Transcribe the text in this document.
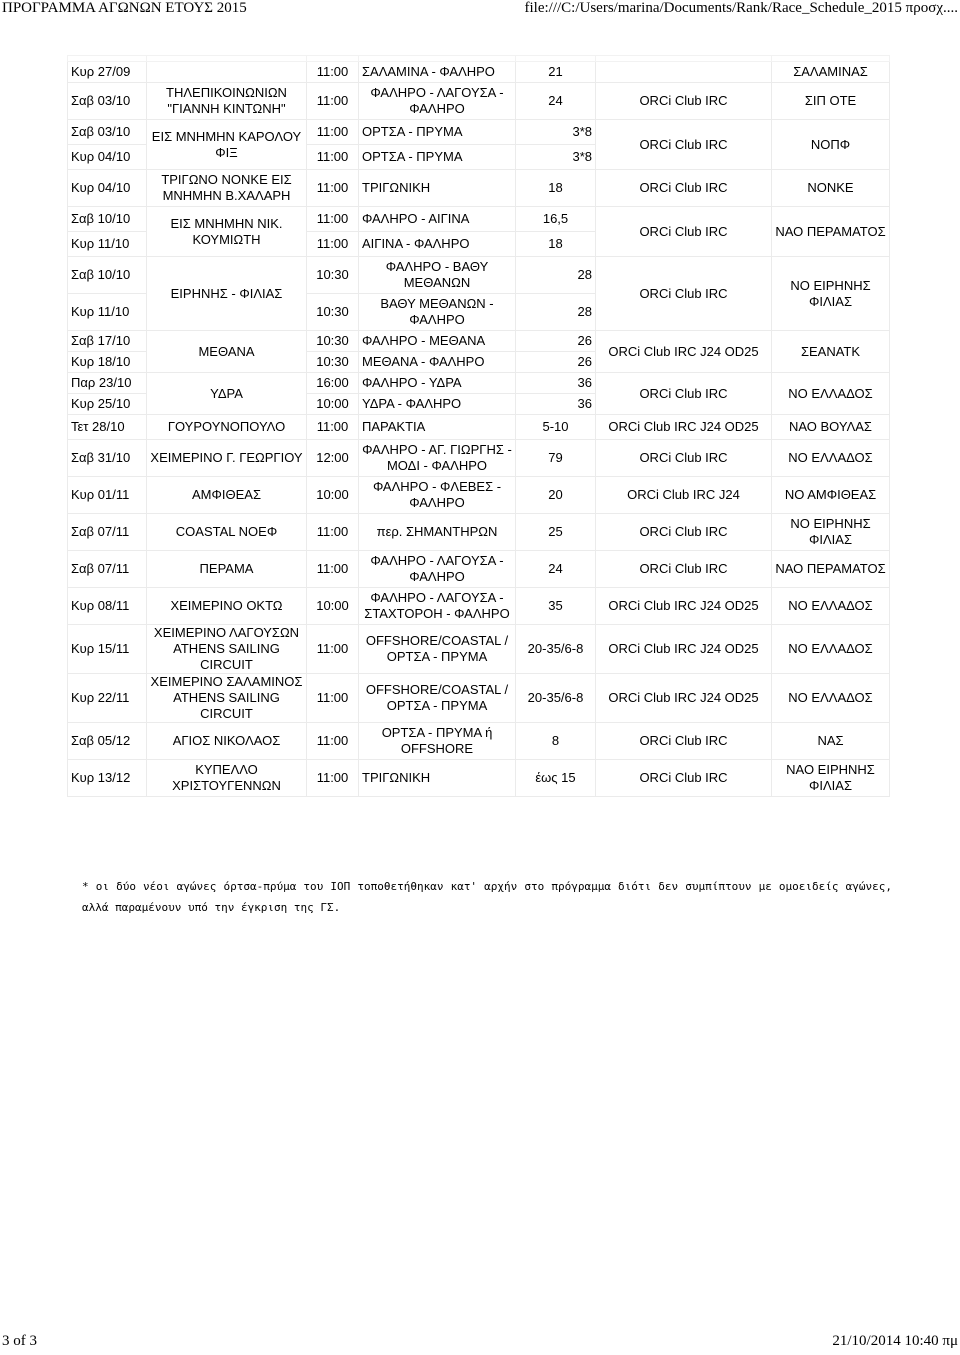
ΠΡΟΓΡΑΜΜΑ ΑΓΩΝΩΝ ΕΤΟΥΣ 2015	file:///C:/Users/marina/Documents/Rank/Race_Schedule_2015 προσχ....

Κυρ 27/09		11:00	ΣΑΛΑΜΙΝΑ - ΦΑΛΗΡΟ	21		ΣΑΛΑΜΙΝΑΣ
Σαβ 03/10	ΤΗΛΕΠΙΚΟΙΝΩΝΙΩΝ "ΓΙΑΝΝΗ ΚΙΝΤΩΝΗ"	11:00	ΦΑΛΗΡΟ - ΛΑΓΟΥΣΑ - ΦΑΛΗΡΟ	24	ORCi Club IRC	ΣΙΠ ΟΤΕ
Σαβ 03/10	ΕΙΣ ΜΝΗΜΗΝ ΚΑΡΟΛΟΥ ΦΙΞ	11:00	ΟΡΤΣΑ - ΠΡΥΜΑ	3*8	ORCi Club IRC	ΝΟΠΦ
Κυρ 04/10		11:00	ΟΡΤΣΑ - ΠΡΥΜΑ	3*8		
Κυρ 04/10	ΤΡΙΓΩΝΟ ΝΟΝΚΕ ΕΙΣ ΜΝΗΜΗΝ Β.ΧΑΛΑΡΗ	11:00	ΤΡΙΓΩΝΙΚΗ	18	ORCi Club IRC	ΝΟΝΚΕ
Σαβ 10/10	ΕΙΣ ΜΝΗΜΗΝ ΝΙΚ. ΚΟΥΜΙΩΤΗ	11:00	ΦΑΛΗΡΟ - ΑΙΓΙΝΑ	16,5	ORCi Club IRC	ΝΑΟ ΠΕΡΑΜΑΤΟΣ
Κυρ 11/10		11:00	ΑΙΓΙΝΑ - ΦΑΛΗΡΟ	18		
Σαβ 10/10	ΕΙΡΗΝΗΣ - ΦΙΛΙΑΣ	10:30	ΦΑΛΗΡΟ - ΒΑΘΥ ΜΕΘΑΝΩΝ	28	ORCi Club IRC	ΝΟ ΕΙΡΗΝΗΣ ΦΙΛΙΑΣ
Κυρ 11/10		10:30	ΒΑΘΥ ΜΕΘΑΝΩΝ - ΦΑΛΗΡΟ	28		
Σαβ 17/10	ΜΕΘΑΝΑ	10:30	ΦΑΛΗΡΟ - ΜΕΘΑΝΑ	26	ORCi Club IRC J24 OD25	ΣΕΑΝΑΤΚ
Κυρ 18/10		10:30	ΜΕΘΑΝΑ - ΦΑΛΗΡΟ	26		
Παρ 23/10	ΥΔΡΑ	16:00	ΦΑΛΗΡΟ - ΥΔΡΑ	36	ORCi Club IRC	ΝΟ ΕΛΛΑΔΟΣ
Κυρ 25/10		10:00	ΥΔΡΑ - ΦΑΛΗΡΟ	36		
Τετ 28/10	ΓΟΥΡΟΥΝΟΠΟΥΛΟ	11:00	ΠΑΡΑΚΤΙΑ	5-10	ORCi Club IRC J24 OD25	ΝΑΟ ΒΟΥΛΑΣ
Σαβ 31/10	ΧΕΙΜΕΡΙΝΟ Γ. ΓΕΩΡΓΙΟΥ	12:00	ΦΑΛΗΡΟ - ΑΓ. ΓΙΩΡΓΗΣ - ΜΟΔΙ - ΦΑΛΗΡΟ	79	ORCi Club IRC	ΝΟ ΕΛΛΑΔΟΣ
Κυρ 01/11	ΑΜΦΙΘΕΑΣ	10:00	ΦΑΛΗΡΟ - ΦΛΕΒΕΣ - ΦΑΛΗΡΟ	20	ORCi Club IRC J24	ΝΟ ΑΜΦΙΘΕΑΣ
Σαβ 07/11	COASTAL ΝΟΕΦ	11:00	περ. ΣΗΜΑΝΤΗΡΩΝ	25	ORCi Club IRC	ΝΟ ΕΙΡΗΝΗΣ ΦΙΛΙΑΣ
Σαβ 07/11	ΠΕΡΑΜΑ	11:00	ΦΑΛΗΡΟ - ΛΑΓΟΥΣΑ - ΦΑΛΗΡΟ	24	ORCi Club IRC	ΝΑΟ ΠΕΡΑΜΑΤΟΣ
Κυρ 08/11	ΧΕΙΜΕΡΙΝΟ ΟΚΤΩ	10:00	ΦΑΛΗΡΟ - ΛΑΓΟΥΣΑ - ΣΤΑΧΤΟΡΟΗ - ΦΑΛΗΡΟ	35	ORCi Club IRC J24 OD25	ΝΟ ΕΛΛΑΔΟΣ
Κυρ 15/11	ΧΕΙΜΕΡΙΝΟ ΛΑΓΟΥΣΩΝ ATHENS SAILING CIRCUIT	11:00	OFFSHORE/COASTAL /ΟΡΤΣΑ - ΠΡΥΜΑ	20-35/6-8	ORCi Club IRC J24 OD25	ΝΟ ΕΛΛΑΔΟΣ
Κυρ 22/11	ΧΕΙΜΕΡΙΝΟ ΣΑΛΑΜΙΝΟΣ ATHENS SAILING CIRCUIT	11:00	OFFSHORE/COASTAL /ΟΡΤΣΑ - ΠΡΥΜΑ	20-35/6-8	ORCi Club IRC J24 OD25	ΝΟ ΕΛΛΑΔΟΣ
Σαβ 05/12	ΑΓΙΟΣ ΝΙΚΟΛΑΟΣ	11:00	ΟΡΤΣΑ - ΠΡΥΜΑ ή OFFSHORE	8	ORCi Club IRC	ΝΑΣ
Κυρ 13/12	ΚΥΠΕΛΛΟ ΧΡΙΣΤΟΥΓΕΝΝΩΝ	11:00	ΤΡΙΓΩΝΙΚΗ	έως 15	ORCi Club IRC	ΝΑΟ ΕΙΡΗΝΗΣ ΦΙΛΙΑΣ
* οι δύο νέοι αγώνες όρτσα-πρύμα του ΙΟΠ τοποθετήθηκαν κατ' αρχήν στο πρόγραμμα διότι δεν συμπίπτουν με ομοειδείς αγώνες, αλλά παραμένουν υπό την έγκριση της ΓΣ.
3 of 3	21/10/2014 10:40 πμ
